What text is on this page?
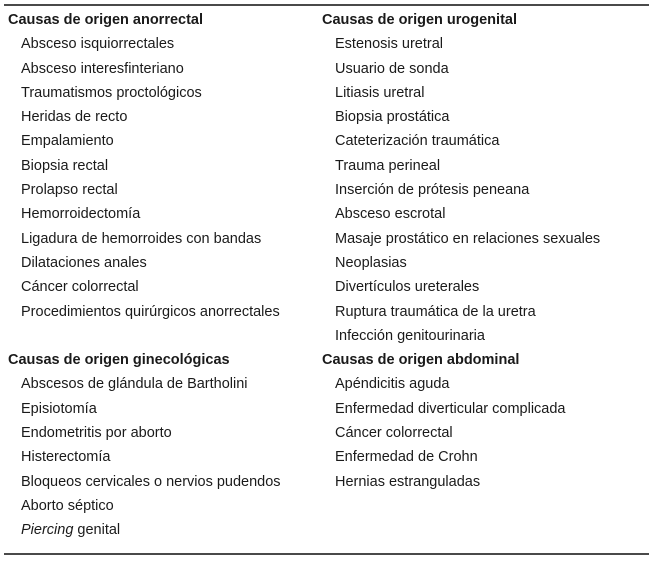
Causas de origen anorrectal
Absceso isquiorrectales
Absceso interesfinteriano
Traumatismos proctológicos
Heridas de recto
Empalamiento
Biopsia rectal
Prolapso rectal
Hemorroidectomía
Ligadura de hemorroides con bandas
Dilataciones anales
Cáncer colorrectal
Procedimientos quirúrgicos anorrectales
Causas de origen ginecológicas
Abscesos de glándula de Bartholini
Episiotomía
Endometritis por aborto
Histerectomía
Bloqueos cervicales o nervios pudendos
Aborto séptico
Piercing genital
Causas de origen urogenital
Estenosis uretral
Usuario de sonda
Litiasis uretral
Biopsia prostática
Cateterización traumática
Trauma perineal
Inserción de prótesis peneana
Absceso escrotal
Masaje prostático en relaciones sexuales
Neoplasias
Divertículos ureterales
Ruptura traumática de la uretra
Infección genitourinaria
Causas de origen abdominal
Apéndicitis aguda
Enfermedad diverticular complicada
Cáncer colorrectal
Enfermedad de Crohn
Hernias estranguladas
